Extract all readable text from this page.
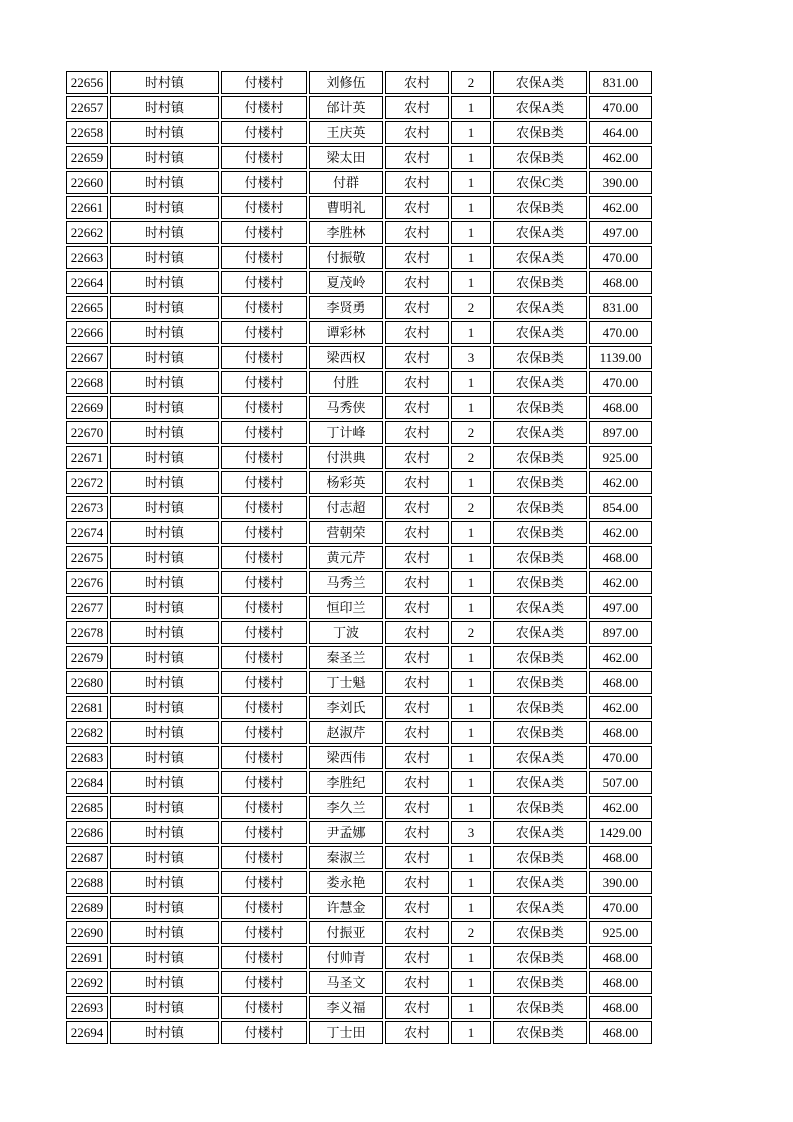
22656	时村镇	付楼村	刘修伍	农村	2	农保A类	831.00
22657	时村镇	付楼村	邰计英	农村	1	农保A类	470.00
22658	时村镇	付楼村	王庆英	农村	1	农保B类	464.00
22659	时村镇	付楼村	梁太田	农村	1	农保B类	462.00
22660	时村镇	付楼村	付群	农村	1	农保C类	390.00
22661	时村镇	付楼村	曹明礼	农村	1	农保B类	462.00
22662	时村镇	付楼村	李胜林	农村	1	农保A类	497.00
22663	时村镇	付楼村	付振敬	农村	1	农保A类	470.00
22664	时村镇	付楼村	夏茂岭	农村	1	农保B类	468.00
22665	时村镇	付楼村	李贤勇	农村	2	农保A类	831.00
22666	时村镇	付楼村	谭彩林	农村	1	农保A类	470.00
22667	时村镇	付楼村	梁西权	农村	3	农保B类	1139.00
22668	时村镇	付楼村	付胜	农村	1	农保A类	470.00
22669	时村镇	付楼村	马秀侠	农村	1	农保B类	468.00
22670	时村镇	付楼村	丁计峰	农村	2	农保A类	897.00
22671	时村镇	付楼村	付洪典	农村	2	农保B类	925.00
22672	时村镇	付楼村	杨彩英	农村	1	农保B类	462.00
22673	时村镇	付楼村	付志超	农村	2	农保B类	854.00
22674	时村镇	付楼村	营朝荣	农村	1	农保B类	462.00
22675	时村镇	付楼村	黄元芹	农村	1	农保B类	468.00
22676	时村镇	付楼村	马秀兰	农村	1	农保B类	462.00
22677	时村镇	付楼村	恒印兰	农村	1	农保A类	497.00
22678	时村镇	付楼村	丁波	农村	2	农保A类	897.00
22679	时村镇	付楼村	秦圣兰	农村	1	农保B类	462.00
22680	时村镇	付楼村	丁士魁	农村	1	农保B类	468.00
22681	时村镇	付楼村	李刘氏	农村	1	农保B类	462.00
22682	时村镇	付楼村	赵淑芹	农村	1	农保B类	468.00
22683	时村镇	付楼村	梁西伟	农村	1	农保A类	470.00
22684	时村镇	付楼村	李胜纪	农村	1	农保A类	507.00
22685	时村镇	付楼村	李久兰	农村	1	农保B类	462.00
22686	时村镇	付楼村	尹孟娜	农村	3	农保A类	1429.00
22687	时村镇	付楼村	秦淑兰	农村	1	农保B类	468.00
22688	时村镇	付楼村	娄永艳	农村	1	农保A类	390.00
22689	时村镇	付楼村	许慧金	农村	1	农保A类	470.00
22690	时村镇	付楼村	付振亚	农村	2	农保B类	925.00
22691	时村镇	付楼村	付帅青	农村	1	农保B类	468.00
22692	时村镇	付楼村	马圣文	农村	1	农保B类	468.00
22693	时村镇	付楼村	李义福	农村	1	农保B类	468.00
22694	时村镇	付楼村	丁士田	农村	1	农保B类	468.00
